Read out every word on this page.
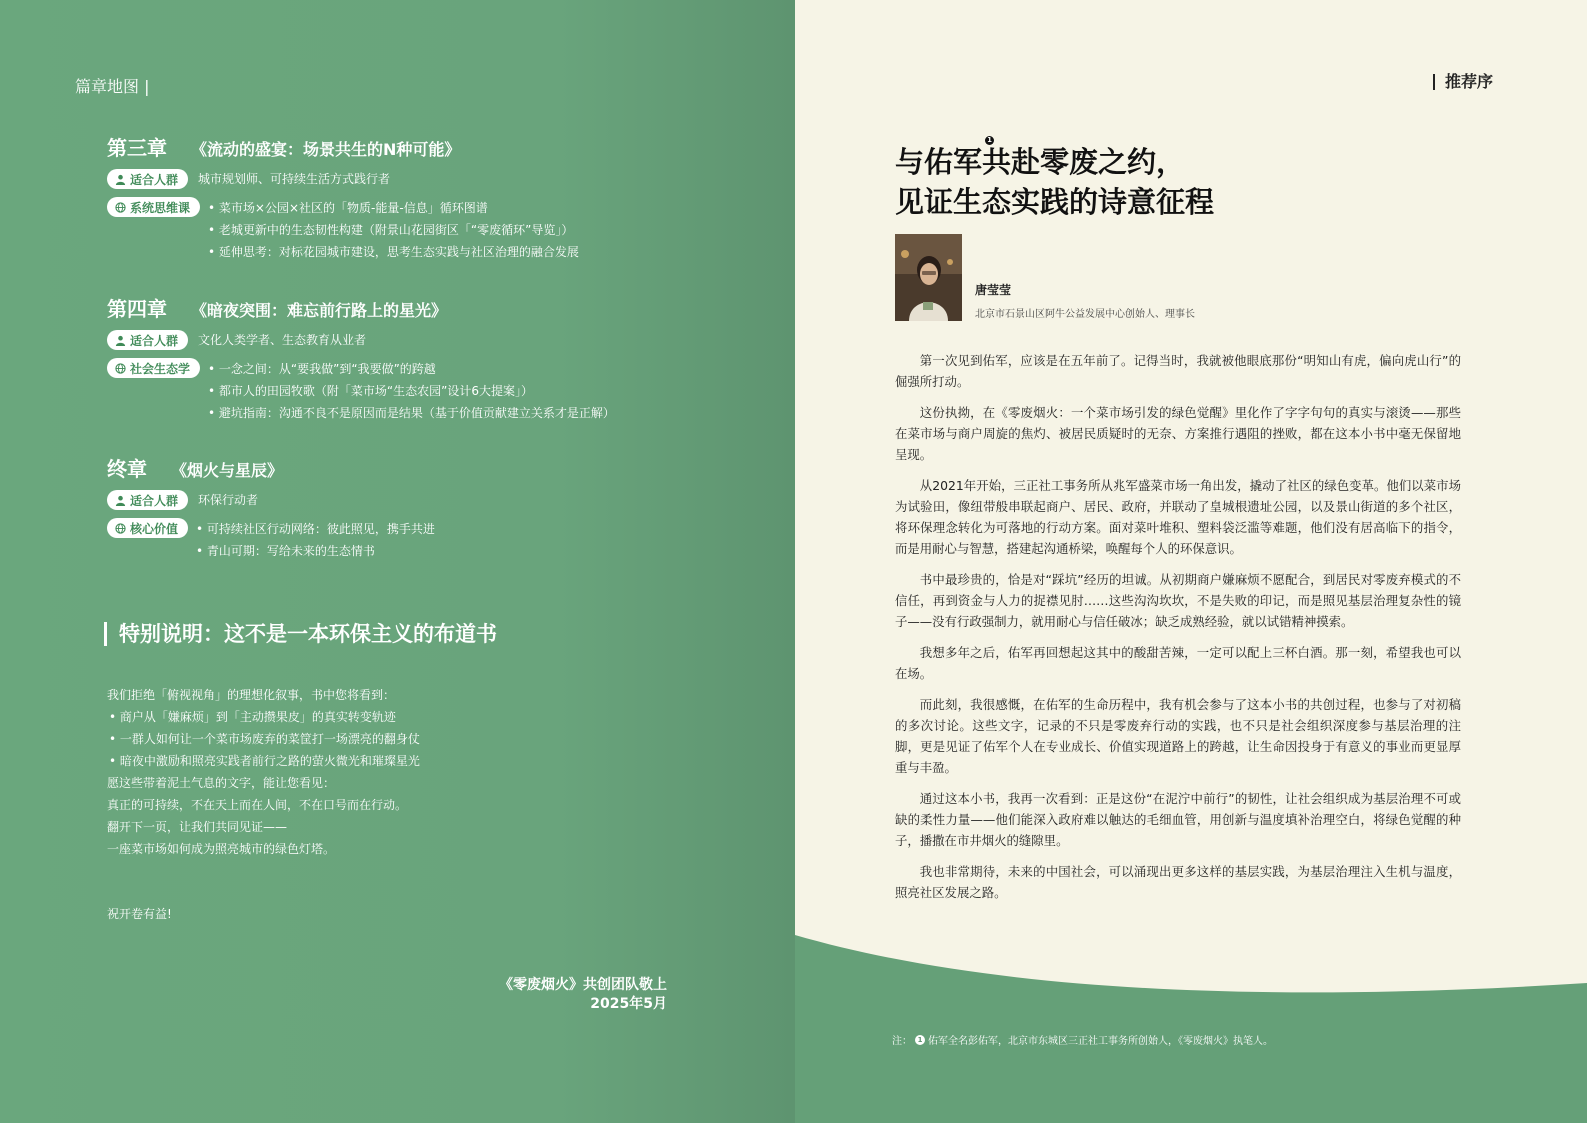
篇章地图 |
第三章 《流动的盛宴：场景共生的N种可能》
适合人群 城市规划师、可持续生活方式践行者
系统思维课	• 菜市场×公园×社区的「物质-能量-信息」循环图谱
• 老城更新中的生态韧性构建（附景山花园街区「“零废循环”导览」）
• 延伸思考：对标花园城市建设，思考生态实践与社区治理的融合发展
第四章 《暗夜突围：难忘前行路上的星光》
适合人群 文化人类学者、生态教育从业者
社会生态学	• 一念之间：从“要我做”到“我要做”的跨越
• 都市人的田园牧歌（附「菜市场“生态农园”设计6大提案」）
• 避坑指南：沟通不良不是原因而是结果（基于价值贡献建立关系才是正解）
终章 《烟火与星辰》
适合人群 环保行动者
核心价值	• 可持续社区行动网络：彼此照见，携手共进
• 青山可期：写给未来的生态情书
特别说明：这不是一本环保主义的布道书
我们拒绝「俯视视角」的理想化叙事，书中您将看到：
• 商户从「嫌麻烦」到「主动攒果皮」的真实转变轨迹
• 一群人如何让一个菜市场废弃的菜筐打一场漂亮的翻身仗
• 暗夜中激励和照亮实践者前行之路的萤火微光和璀璨星光
愿这些带着泥土气息的文字，能让您看见：
真正的可持续，不在天上而在人间，不在口号而在行动。
翻开下一页，让我们共同见证——
一座菜市场如何成为照亮城市的绿色灯塔。
祝开卷有益!
《零废烟火》共创团队敬上
2025年5月
推荐序
1
与佑军共赴零废之约，
见证生态实践的诗意征程
唐莹莹
北京市石景山区阿牛公益发展中心创始人、理事长

第一次见到佑军，应该是在五年前了。记得当时，我就被他眼底那份“明知山有虎，偏向虎山行”的倔强所打动。

这份执拗，在《零废烟火：一个菜市场引发的绿色觉醒》里化作了字字句句的真实与滚烫——那些在菜市场与商户周旋的焦灼、被居民质疑时的无奈、方案推行遇阻的挫败，都在这本小书中毫无保留地呈现。

从2021年开始，三正社工事务所从兆军盛菜市场一角出发，撬动了社区的绿色变革。他们以菜市场为试验田，像纽带般串联起商户、居民、政府，并联动了皇城根遗址公园，以及景山街道的多个社区，将环保理念转化为可落地的行动方案。面对菜叶堆积、塑料袋泛滥等难题，他们没有居高临下的指令，而是用耐心与智慧，搭建起沟通桥梁，唤醒每个人的环保意识。

书中最珍贵的，恰是对“踩坑”经历的坦诚。从初期商户嫌麻烦不愿配合，到居民对零废弃模式的不信任，再到资金与人力的捉襟见肘……这些沟沟坎坎，不是失败的印记，而是照见基层治理复杂性的镜子——没有行政强制力，就用耐心与信任破冰；缺乏成熟经验，就以试错精神摸索。

我想多年之后，佑军再回想起这其中的酸甜苦辣，一定可以配上三杯白酒。那一刻，希望我也可以在场。

而此刻，我很感慨，在佑军的生命历程中，我有机会参与了这本小书的共创过程，也参与了对初稿的多次讨论。这些文字，记录的不只是零废弃行动的实践，也不只是社会组织深度参与基层治理的注脚，更是见证了佑军个人在专业成长、价值实现道路上的跨越，让生命因投身于有意义的事业而更显厚重与丰盈。

通过这本小书，我再一次看到：正是这份“在泥泞中前行”的韧性，让社会组织成为基层治理不可或缺的柔性力量——他们能深入政府难以触达的毛细血管，用创新与温度填补治理空白，将绿色觉醒的种子，播撒在市井烟火的缝隙里。

我也非常期待，未来的中国社会，可以涌现出更多这样的基层实践，为基层治理注入生机与温度，照亮社区发展之路。

注： 1 佑军全名彭佑军，北京市东城区三正社工事务所创始人，《零废烟火》执笔人。
